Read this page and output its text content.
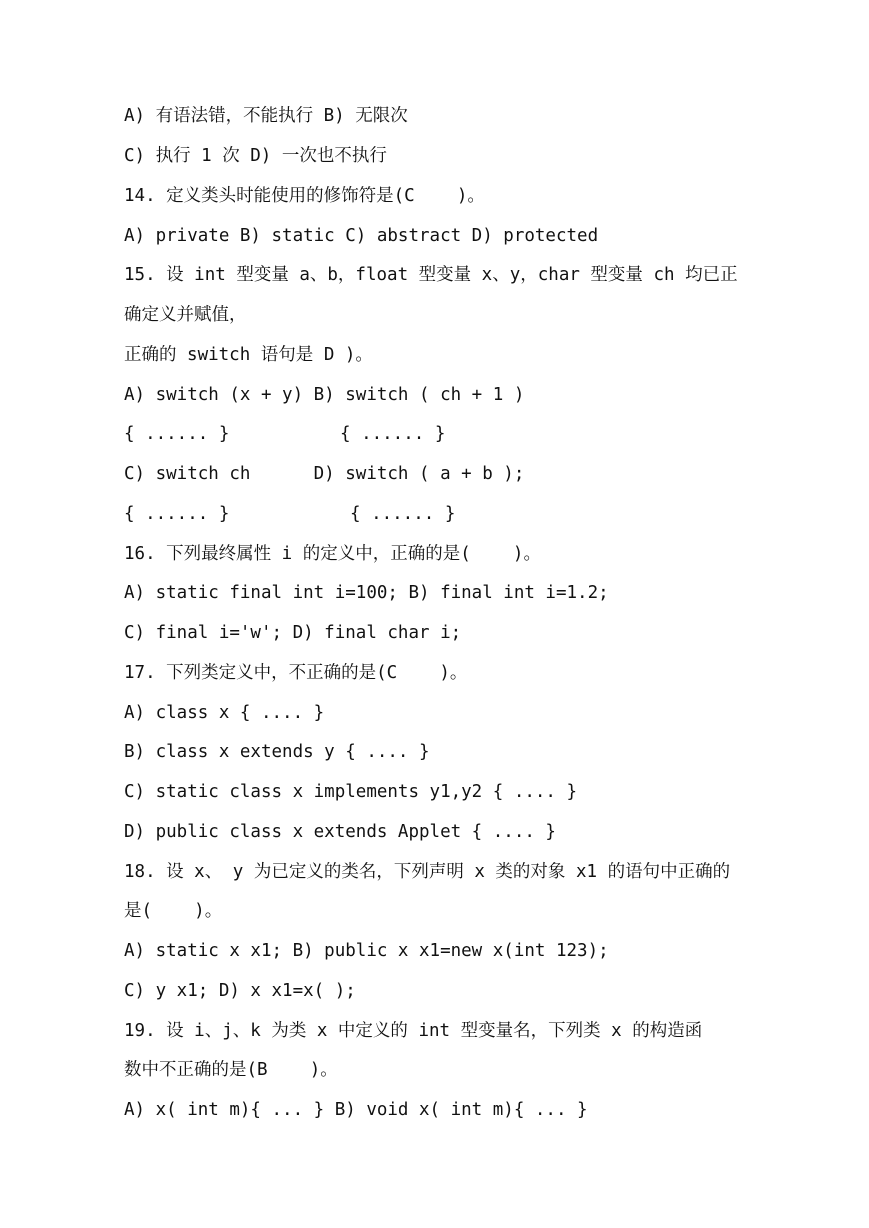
A) 有语法错，不能执行 B) 无限次
C) 执行 1 次 D) 一次也不执行
14. 定义类头时能使用的修饰符是(C    )。
A) private B) static C) abstract D) protected
15. 设 int 型变量 a、b，float 型变量 x、y，char 型变量 ch 均已正
确定义并赋值，
正确的 switch 语句是 D )。
A) switch (x + y) B) switch ( ch + 1 )
{ ...... }	{ ...... }
C) switch ch      D) switch ( a + b );
{ ...... }	{ ...... }
16. 下列最终属性 i 的定义中，正确的是(    )。
A) static final int i=100; B) final int i=1.2;
C) final i='w'; D) final char i;
17. 下列类定义中，不正确的是(C    )。
A) class x { .... }
B) class x extends y { .... }
C) static class x implements y1,y2 { .... }
D) public class x extends Applet { .... }
18. 设 x、 y 为已定义的类名，下列声明 x 类的对象 x1 的语句中正确的
是(    )。
A) static x x1; B) public x x1=new x(int 123);
C) y x1; D) x x1=x( );
19. 设 i、j、k 为类 x 中定义的 int 型变量名，下列类 x 的构造函
数中不正确的是(B    )。
A) x( int m){ ... } B) void x( int m){ ... }
